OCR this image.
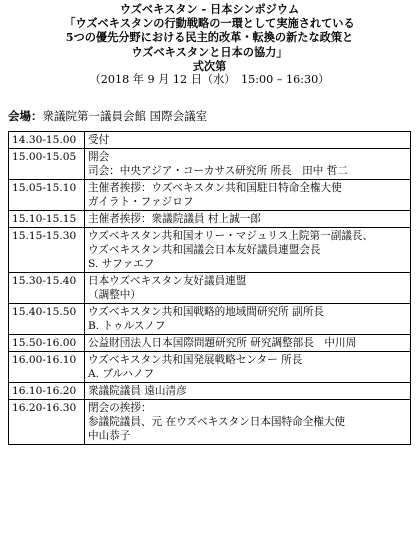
ウズベキスタン - 日本シンポジウム
「ウズベキスタンの行動戦略の一環として実施されている
5つの優先分野における民主的改革・転換の新たな政策と
ウズベキスタンと日本の協力」
式次第
（2018 年 9 月 12 日（水）　15:00 – 16:30）
会場：衆議院第一議員会館 国際会議室
14.30-15.00	受付

15.00-15.05	開会
司会：中央アジア・コーカサス研究所 所長　田中 哲二

15.05-15.10	主催者挨拶：ウズベキスタン共和国駐日特命全権大使
ガイラト・ファジロフ

15.10-15.15	主催者挨拶：衆議院議員 村上誠一郎

15.15-15.30	ウズベキスタン共和国オリー・マジュリス上院第一副議長、
ウズベキスタン共和国議会日本友好議員連盟会長
S. サファエフ

15.30-15.40	日本ウズベキスタン友好議員連盟
（調整中）

15.40-15.50	ウズベキスタン共和国戦略的地域間研究所 副所長
B. トゥルスノフ

15.50-16.00	公益財団法人日本国際問題研究所 研究調整部長　中川周

16.00-16.10	ウズベキスタン共和国発展戦略センター 所長
A. ブルハノフ

16.10-16.20	衆議院議員 遠山清彦

16.20-16.30	閉会の挨拶：
参議院議員、元 在ウズベキスタン日本国特命全権大使
中山恭子
